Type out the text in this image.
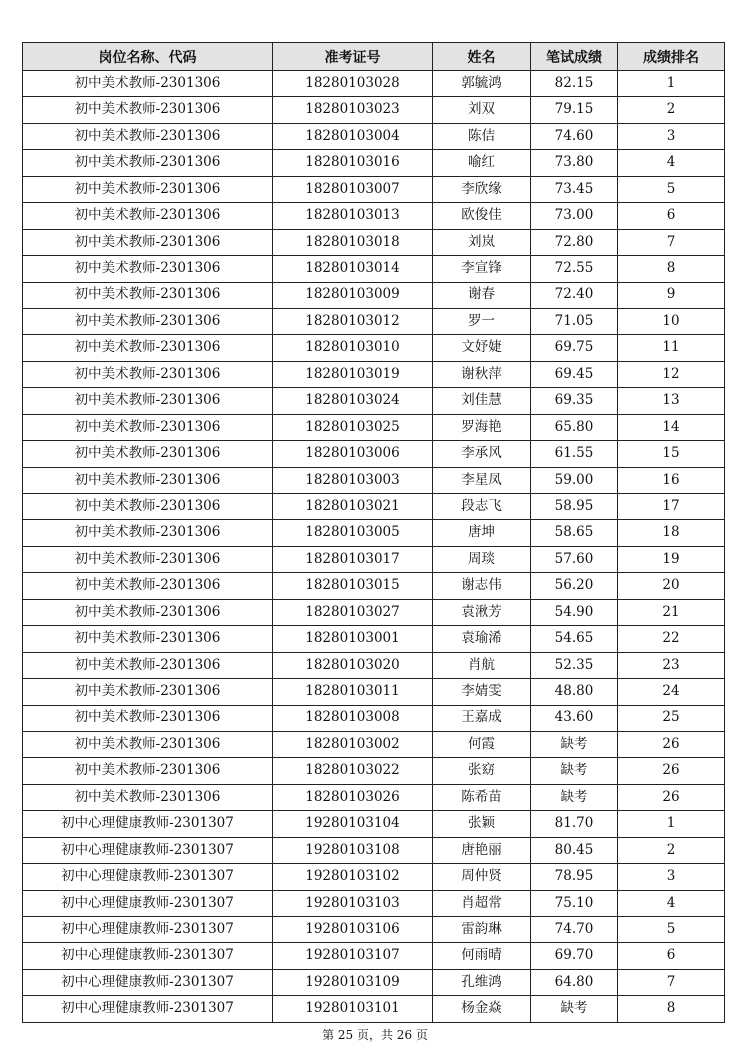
岗位名称、代码	准考证号	姓名	笔试成绩	成绩排名
初中美术教师-2301306	18280103028	郭毓鸿	82.15	1
初中美术教师-2301306	18280103023	刘双	79.15	2
初中美术教师-2301306	18280103004	陈佶	74.60	3
初中美术教师-2301306	18280103016	喻红	73.80	4
初中美术教师-2301306	18280103007	李欣缘	73.45	5
初中美术教师-2301306	18280103013	欧俊佳	73.00	6
初中美术教师-2301306	18280103018	刘岚	72.80	7
初中美术教师-2301306	18280103014	李宣锋	72.55	8
初中美术教师-2301306	18280103009	谢春	72.40	9
初中美术教师-2301306	18280103012	罗一	71.05	10
初中美术教师-2301306	18280103010	文妤婕	69.75	11
初中美术教师-2301306	18280103019	谢秋萍	69.45	12
初中美术教师-2301306	18280103024	刘佳慧	69.35	13
初中美术教师-2301306	18280103025	罗海艳	65.80	14
初中美术教师-2301306	18280103006	李承风	61.55	15
初中美术教师-2301306	18280103003	李星凤	59.00	16
初中美术教师-2301306	18280103021	段志飞	58.95	17
初中美术教师-2301306	18280103005	唐坤	58.65	18
初中美术教师-2301306	18280103017	周琰	57.60	19
初中美术教师-2301306	18280103015	谢志伟	56.20	20
初中美术教师-2301306	18280103027	袁湫芳	54.90	21
初中美术教师-2301306	18280103001	袁瑜浠	54.65	22
初中美术教师-2301306	18280103020	肖航	52.35	23
初中美术教师-2301306	18280103011	李婧雯	48.80	24
初中美术教师-2301306	18280103008	王嘉成	43.60	25
初中美术教师-2301306	18280103002	何霞	缺考	26
初中美术教师-2301306	18280103022	张窈	缺考	26
初中美术教师-2301306	18280103026	陈希苗	缺考	26
初中心理健康教师-2301307	19280103104	张颖	81.70	1
初中心理健康教师-2301307	19280103108	唐艳丽	80.45	2
初中心理健康教师-2301307	19280103102	周仲贤	78.95	3
初中心理健康教师-2301307	19280103103	肖超常	75.10	4
初中心理健康教师-2301307	19280103106	雷韵琳	74.70	5
初中心理健康教师-2301307	19280103107	何雨晴	69.70	6
初中心理健康教师-2301307	19280103109	孔维鸿	64.80	7
初中心理健康教师-2301307	19280103101	杨金焱	缺考	8
第 25 页，共 26 页
